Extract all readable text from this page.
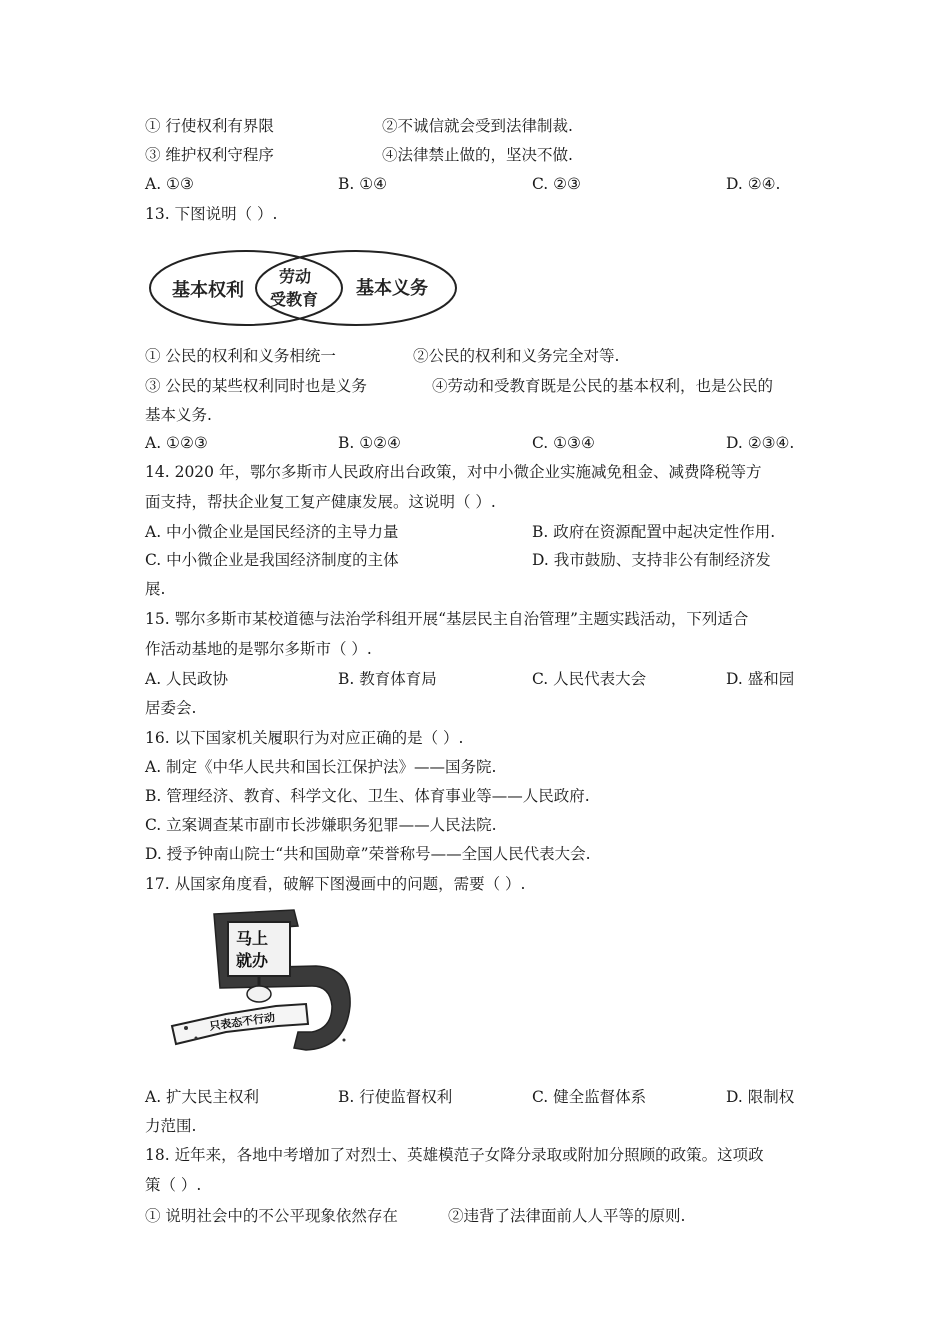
① 行使权利有界限	②不诚信就会受到法律制裁.
③ 维护权利守程序	④法律禁止做的，坚决不做.
A. ①③	B. ①④	C. ②③	D. ②④.
13. 下图说明（ ）.
基本权利
劳动
受教育
基本义务
① 公民的权利和义务相统一	②公民的权利和义务完全对等.
③ 公民的某些权利同时也是义务	④劳动和受教育既是公民的基本权利，也是公民的
基本义务.
A. ①②③	B. ①②④	C. ①③④	D. ②③④.
14. 2020 年，鄂尔多斯市人民政府出台政策，对中小微企业实施减免租金、减费降税等方
面支持，帮扶企业复工复产健康发展。这说明（ ）.
A. 中小微企业是国民经济的主导力量	B. 政府在资源配置中起决定性作用.
C. 中小微企业是我国经济制度的主体	D. 我市鼓励、支持非公有制经济发
展.
15. 鄂尔多斯市某校道德与法治学科组开展“基层民主自治管理”主题实践活动，下列适合
作活动基地的是鄂尔多斯市（ ）.
A. 人民政协	B. 教育体育局	C. 人民代表大会	D. 盛和园
居委会.
16. 以下国家机关履职行为对应正确的是（ ）.
A. 制定《中华人民共和国长江保护法》——国务院.
B. 管理经济、教育、科学文化、卫生、体育事业等——人民政府.
C. 立案调查某市副市长涉嫌职务犯罪——人民法院.
D. 授予钟南山院士“共和国勋章”荣誉称号——全国人民代表大会.
17. 从国家角度看，破解下图漫画中的问题，需要（ ）.
马上
就办
只表态不行动
A. 扩大民主权利	B. 行使监督权利	C. 健全监督体系	D. 限制权
力范围.
18. 近年来，各地中考增加了对烈士、英雄模范子女降分录取或附加分照顾的政策。这项政
策（ ）.
① 说明社会中的不公平现象依然存在	②违背了法律面前人人平等的原则.
